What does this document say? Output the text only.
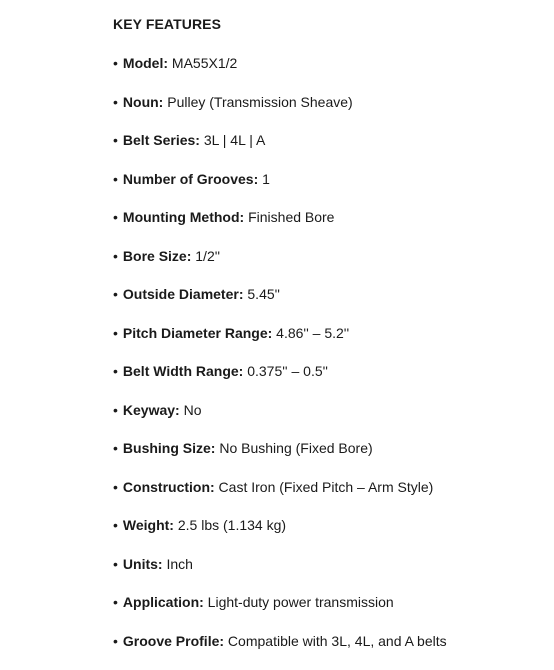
KEY FEATURES
• Model: MA55X1/2
• Noun: Pulley (Transmission Sheave)
• Belt Series: 3L | 4L | A
• Number of Grooves: 1
• Mounting Method: Finished Bore
• Bore Size: 1/2''
• Outside Diameter: 5.45''
• Pitch Diameter Range: 4.86'' – 5.2''
• Belt Width Range: 0.375'' – 0.5''
• Keyway: No
• Bushing Size: No Bushing (Fixed Bore)
• Construction: Cast Iron (Fixed Pitch – Arm Style)
• Weight: 2.5 lbs (1.134 kg)
• Units: Inch
• Application: Light-duty power transmission
• Groove Profile: Compatible with 3L, 4L, and A belts
